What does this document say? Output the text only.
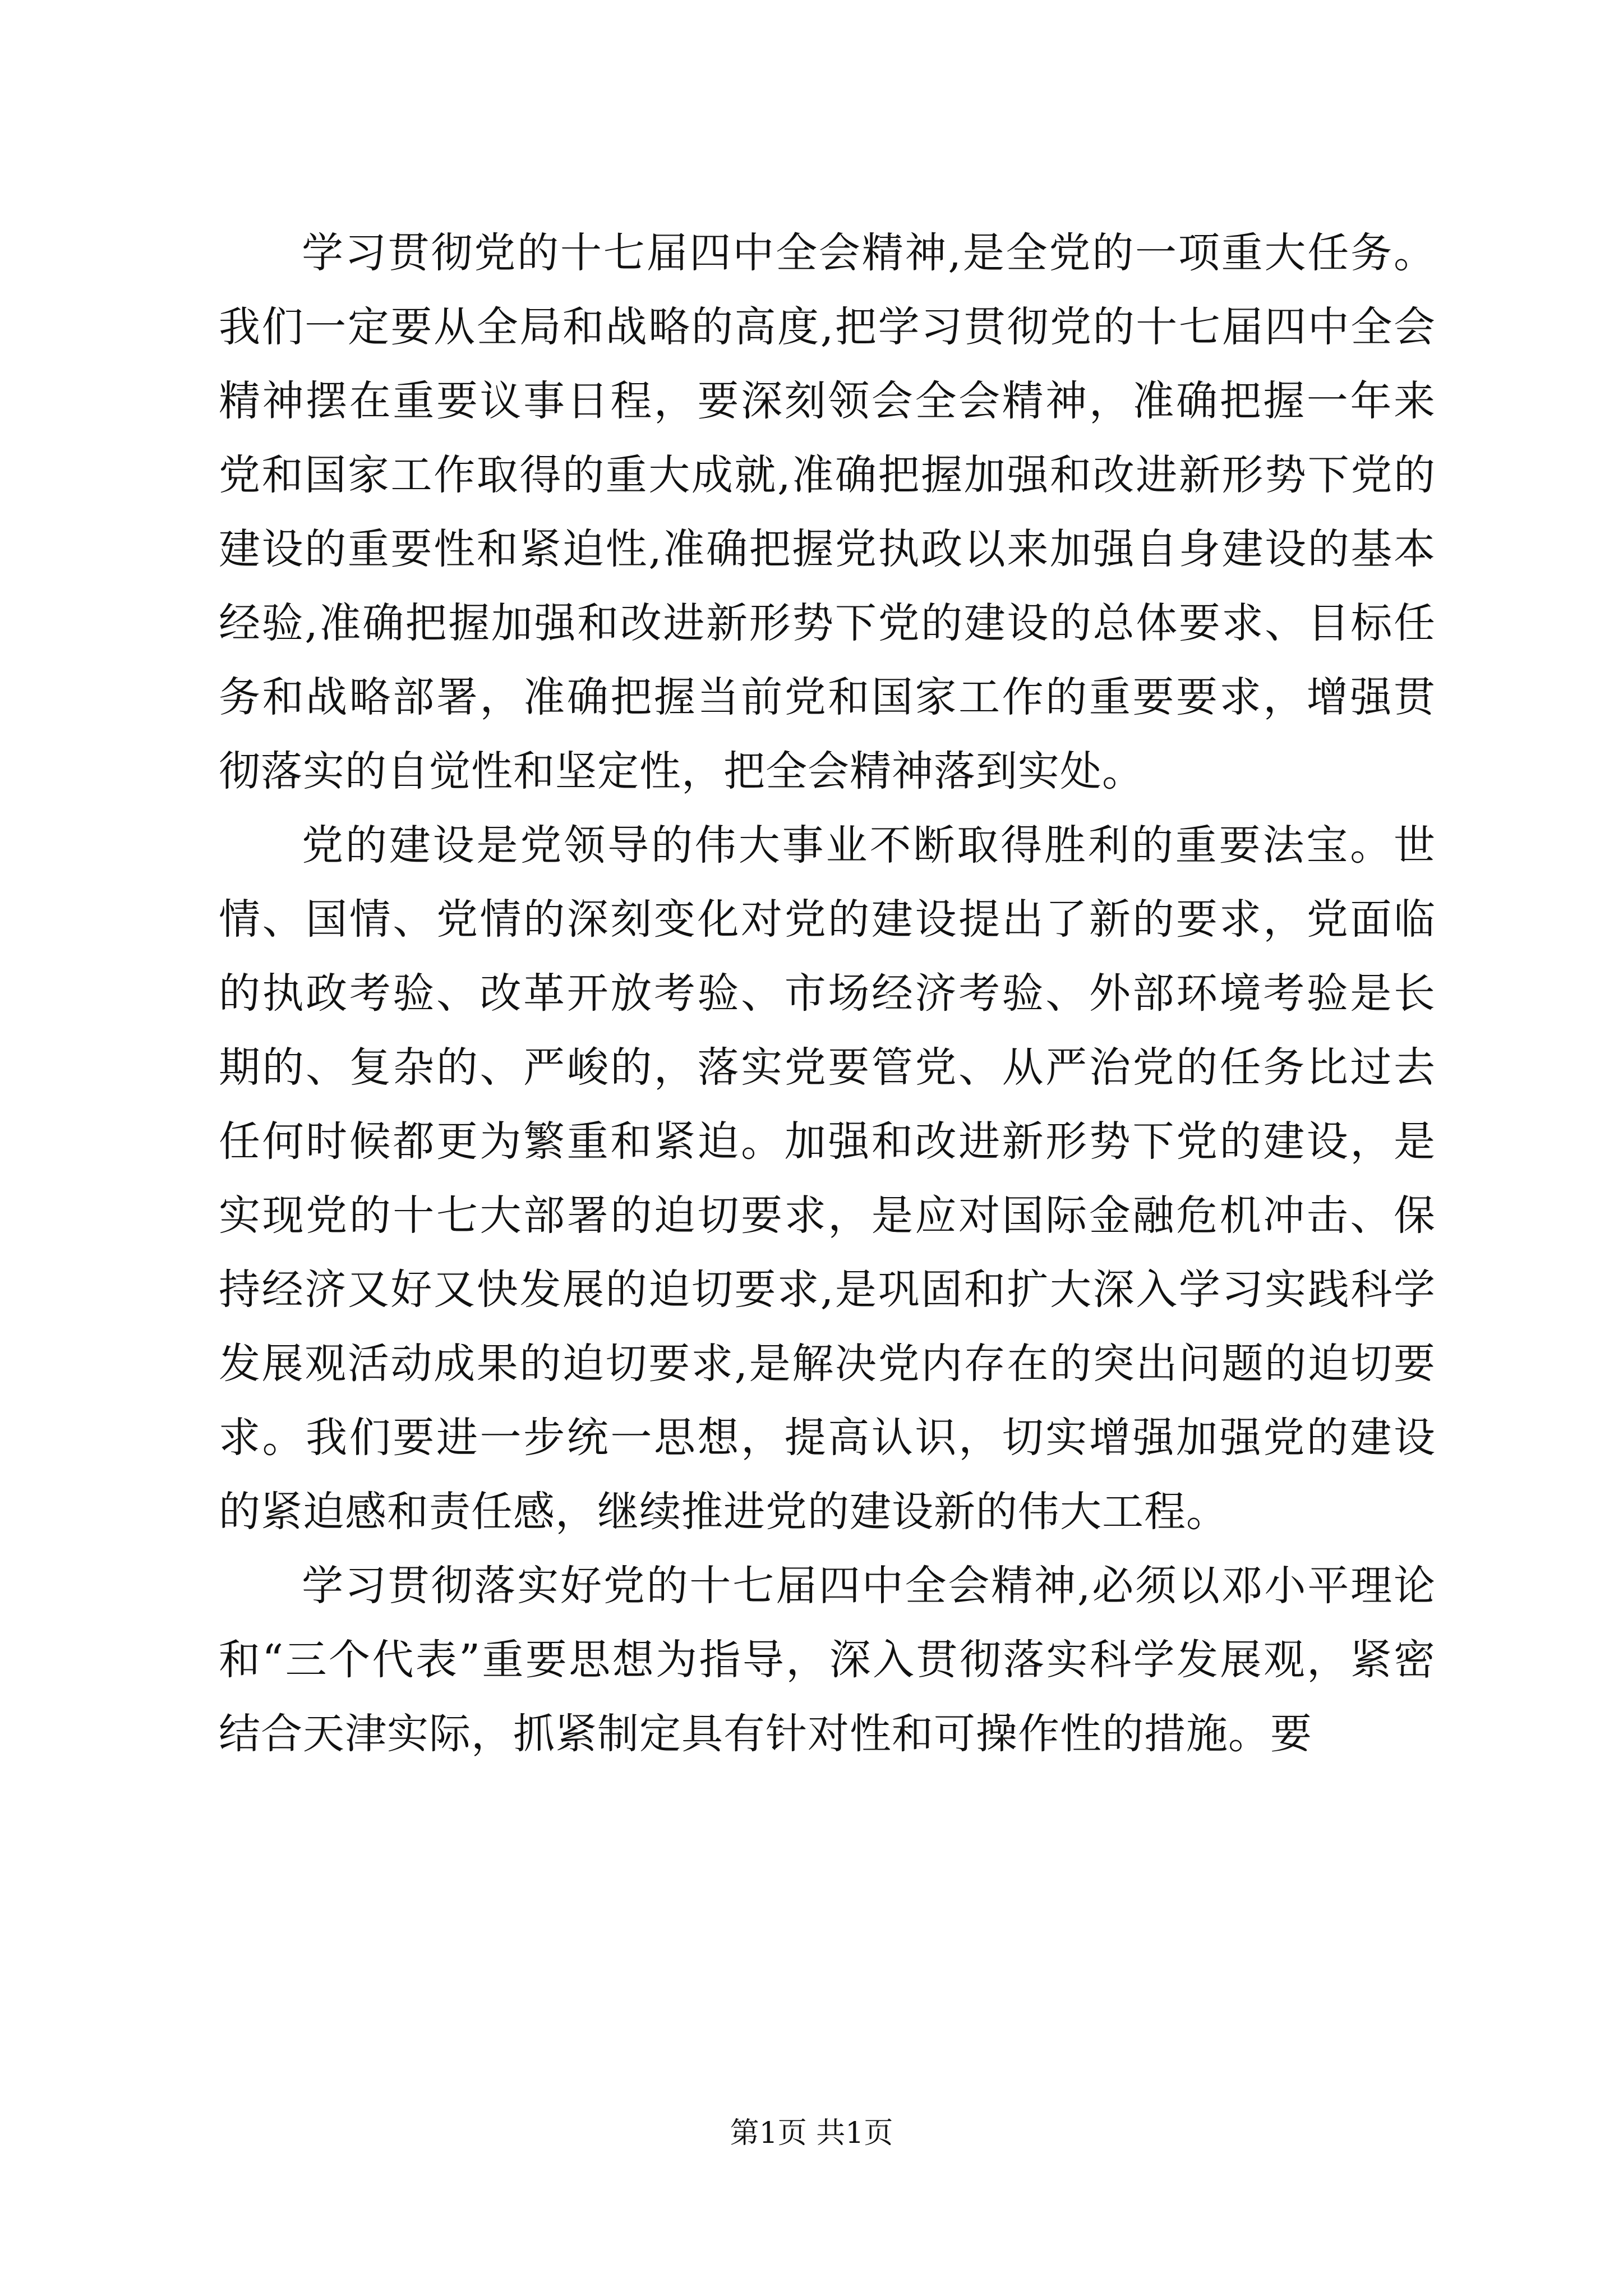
学习贯彻党的十七届四中全会精神,是全党的一项重大任务。我们一定要从全局和战略的高度,把学习贯彻党的十七届四中全会精神摆在重要议事日程，要深刻领会全会精神，准确把握一年来党和国家工作取得的重大成就,准确把握加强和改进新形势下党的建设的重要性和紧迫性,准确把握党执政以来加强自身建设的基本经验,准确把握加强和改进新形势下党的建设的总体要求、目标任务和战略部署，准确把握当前党和国家工作的重要要求，增强贯彻落实的自觉性和坚定性，把全会精神落到实处。

党的建设是党领导的伟大事业不断取得胜利的重要法宝。世情、国情、党情的深刻变化对党的建设提出了新的要求，党面临的执政考验、改革开放考验、市场经济考验、外部环境考验是长期的、复杂的、严峻的，落实党要管党、从严治党的任务比过去任何时候都更为繁重和紧迫。加强和改进新形势下党的建设，是实现党的十七大部署的迫切要求，是应对国际金融危机冲击、保持经济又好又快发展的迫切要求,是巩固和扩大深入学习实践科学发展观活动成果的迫切要求,是解决党内存在的突出问题的迫切要求。我们要进一步统一思想，提高认识，切实增强加强党的建设的紧迫感和责任感，继续推进党的建设新的伟大工程。

学习贯彻落实好党的十七届四中全会精神,必须以邓小平理论和“三个代表”重要思想为指导，深入贯彻落实科学发展观，紧密结合天津实际，抓紧制定具有针对性和可操作性的措施。要

第1页 共1页
